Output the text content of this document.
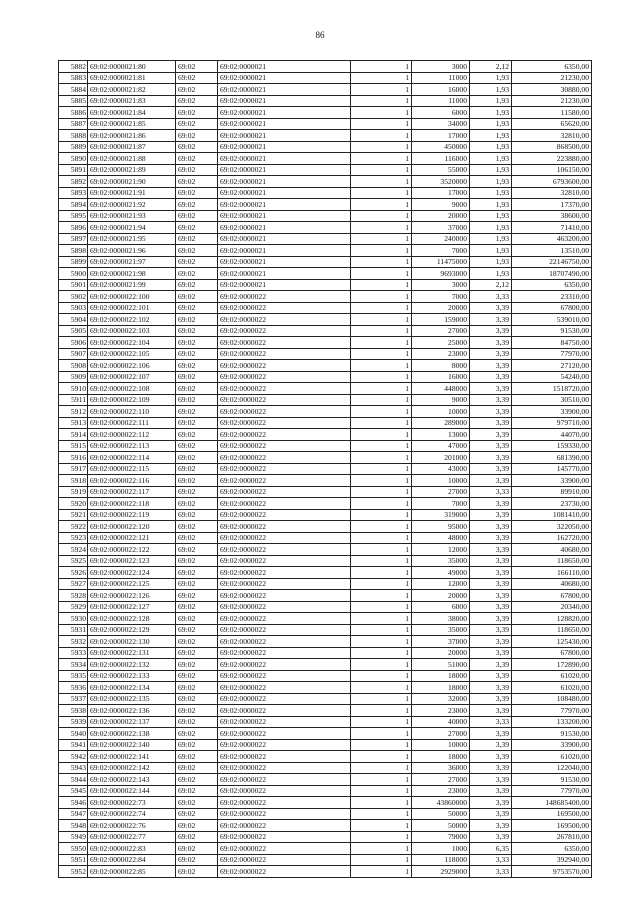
86
5882	69:02:0000021:80	69:02	69:02:0000021	1	3000	2,12	6350,00
5883	69:02:0000021:81	69:02	69:02:0000021	1	11000	1,93	21230,00
5884	69:02:0000021:82	69:02	69:02:0000021	1	16000	1,93	30880,00
5885	69:02:0000021:83	69:02	69:02:0000021	1	11000	1,93	21230,00
5886	69:02:0000021:84	69:02	69:02:0000021	1	6000	1,93	11580,00
5887	69:02:0000021:85	69:02	69:02:0000021	1	34000	1,93	65620,00
5888	69:02:0000021:86	69:02	69:02:0000021	1	17000	1,93	32810,00
5889	69:02:0000021:87	69:02	69:02:0000021	1	450000	1,93	868500,00
5890	69:02:0000021:88	69:02	69:02:0000021	1	116000	1,93	223880,00
5891	69:02:0000021:89	69:02	69:02:0000021	1	55000	1,93	106150,00
5892	69:02:0000021:90	69:02	69:02:0000021	1	3520000	1,93	6793600,00
5893	69:02:0000021:91	69:02	69:02:0000021	1	17000	1,93	32810,00
5894	69:02:0000021:92	69:02	69:02:0000021	1	9000	1,93	17370,00
5895	69:02:0000021:93	69:02	69:02:0000021	1	20000	1,93	38600,00
5896	69:02:0000021:94	69:02	69:02:0000021	1	37000	1,93	71410,00
5897	69:02:0000021:95	69:02	69:02:0000021	1	240000	1,93	463200,00
5898	69:02:0000021:96	69:02	69:02:0000021	1	7000	1,93	13510,00
5899	69:02:0000021:97	69:02	69:02:0000021	1	11475000	1,93	22146750,00
5900	69:02:0000021:98	69:02	69:02:0000021	1	9693000	1,93	18707490,00
5901	69:02:0000021:99	69:02	69:02:0000021	1	3000	2,12	6350,00
5902	69:02:0000022:100	69:02	69:02:0000022	1	7000	3,33	23310,00
5903	69:02:0000022:101	69:02	69:02:0000022	1	20000	3,39	67800,00
5904	69:02:0000022:102	69:02	69:02:0000022	1	159000	3,39	539010,00
5905	69:02:0000022:103	69:02	69:02:0000022	1	27000	3,39	91530,00
5906	69:02:0000022:104	69:02	69:02:0000022	1	25000	3,39	84750,00
5907	69:02:0000022:105	69:02	69:02:0000022	1	23000	3,39	77970,00
5908	69:02:0000022:106	69:02	69:02:0000022	1	8000	3,39	27120,00
5909	69:02:0000022:107	69:02	69:02:0000022	1	16000	3,39	54240,00
5910	69:02:0000022:108	69:02	69:02:0000022	1	448000	3,39	1518720,00
5911	69:02:0000022:109	69:02	69:02:0000022	1	9000	3,39	30510,00
5912	69:02:0000022:110	69:02	69:02:0000022	1	10000	3,39	33900,00
5913	69:02:0000022:111	69:02	69:02:0000022	1	289000	3,39	979710,00
5914	69:02:0000022:112	69:02	69:02:0000022	1	13000	3,39	44070,00
5915	69:02:0000022:113	69:02	69:02:0000022	1	47000	3,39	159330,00
5916	69:02:0000022:114	69:02	69:02:0000022	1	201000	3,39	681390,00
5917	69:02:0000022:115	69:02	69:02:0000022	1	43000	3,39	145770,00
5918	69:02:0000022:116	69:02	69:02:0000022	1	10000	3,39	33900,00
5919	69:02:0000022:117	69:02	69:02:0000022	1	27000	3,33	89910,00
5920	69:02:0000022:118	69:02	69:02:0000022	1	7000	3,39	23730,00
5921	69:02:0000022:119	69:02	69:02:0000022	1	319000	3,39	1081410,00
5922	69:02:0000022:120	69:02	69:02:0000022	1	95000	3,39	322050,00
5923	69:02:0000022:121	69:02	69:02:0000022	1	48000	3,39	162720,00
5924	69:02:0000022:122	69:02	69:02:0000022	1	12000	3,39	40680,00
5925	69:02:0000022:123	69:02	69:02:0000022	1	35000	3,39	118650,00
5926	69:02:0000022:124	69:02	69:02:0000022	1	49000	3,39	166110,00
5927	69:02:0000022:125	69:02	69:02:0000022	1	12000	3,39	40680,00
5928	69:02:0000022:126	69:02	69:02:0000022	1	20000	3,39	67800,00
5929	69:02:0000022:127	69:02	69:02:0000022	1	6000	3,39	20340,00
5930	69:02:0000022:128	69:02	69:02:0000022	1	38000	3,39	128820,00
5931	69:02:0000022:129	69:02	69:02:0000022	1	35000	3,39	118650,00
5932	69:02:0000022:130	69:02	69:02:0000022	1	37000	3,39	125430,00
5933	69:02:0000022:131	69:02	69:02:0000022	1	20000	3,39	67800,00
5934	69:02:0000022:132	69:02	69:02:0000022	1	51000	3,39	172890,00
5935	69:02:0000022:133	69:02	69:02:0000022	1	18000	3,39	61020,00
5936	69:02:0000022:134	69:02	69:02:0000022	1	18000	3,39	61020,00
5937	69:02:0000022:135	69:02	69:02:0000022	1	32000	3,39	108480,00
5938	69:02:0000022:136	69:02	69:02:0000022	1	23000	3,39	77970,00
5939	69:02:0000022:137	69:02	69:02:0000022	1	40000	3,33	133200,00
5940	69:02:0000022:138	69:02	69:02:0000022	1	27000	3,39	91530,00
5941	69:02:0000022:140	69:02	69:02:0000022	1	10000	3,39	33900,00
5942	69:02:0000022:141	69:02	69:02:0000022	1	18000	3,39	61020,00
5943	69:02:0000022:142	69:02	69:02:0000022	1	36000	3,39	122040,00
5944	69:02:0000022:143	69:02	69:02:0000022	1	27000	3,39	91530,00
5945	69:02:0000022:144	69:02	69:02:0000022	1	23000	3,39	77970,00
5946	69:02:0000022:73	69:02	69:02:0000022	1	43860000	3,39	148685400,00
5947	69:02:0000022:74	69:02	69:02:0000022	1	50000	3,39	169500,00
5948	69:02:0000022:76	69:02	69:02:0000022	1	50000	3,39	169500,00
5949	69:02:0000022:77	69:02	69:02:0000022	1	79000	3,39	267810,00
5950	69:02:0000022:83	69:02	69:02:0000022	1	1000	6,35	6350,00
5951	69:02:0000022:84	69:02	69:02:0000022	1	118000	3,33	392940,00
5952	69:02:0000022:85	69:02	69:02:0000022	1	2929000	3,33	9753570,00
